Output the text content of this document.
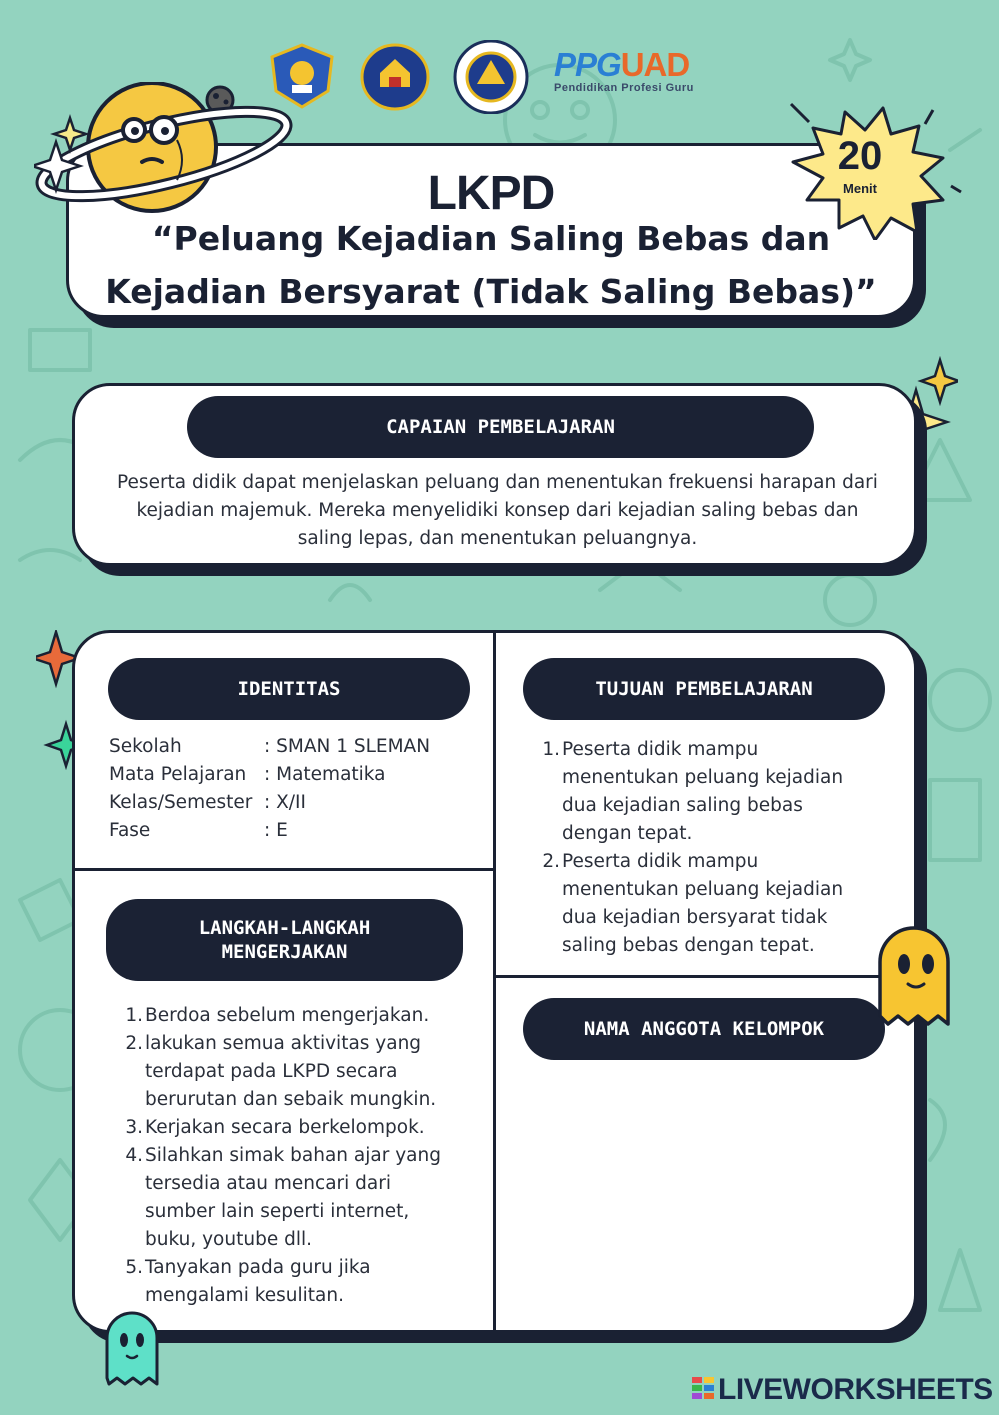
PPGUAD
Pendidikan Profesi Guru
LKPD
“Peluang Kejadian Saling Bebas dan Kejadian Bersyarat (Tidak Saling Bebas)”
20
Menit
CAPAIAN PEMBELAJARAN
Peserta didik dapat menjelaskan peluang dan menentukan frekuensi harapan dari kejadian majemuk. Mereka menyelidiki konsep dari kejadian saling bebas dan saling lepas, dan menentukan peluangnya.
IDENTITAS
Sekolah	: SMAN 1 SLEMAN
Mata Pelajaran : Matematika
Kelas/Semester : X/II
Fase	: E
LANGKAH-LANGKAH
MENGERJAKAN
1. Berdoa sebelum mengerjakan.
2. lakukan semua aktivitas yang terdapat pada LKPD secara berurutan dan sebaik mungkin.
3. Kerjakan secara berkelompok.
4. Silahkan simak bahan ajar yang tersedia atau mencari dari sumber lain seperti internet, buku, youtube dll.
5. Tanyakan pada guru jika mengalami kesulitan.
TUJUAN PEMBELAJARAN
1. Peserta didik mampu menentukan peluang kejadian dua kejadian saling bebas dengan tepat.
2. Peserta didik mampu menentukan peluang kejadian dua kejadian bersyarat tidak saling bebas dengan tepat.
NAMA ANGGOTA KELOMPOK
LIVEWORKSHEETS
